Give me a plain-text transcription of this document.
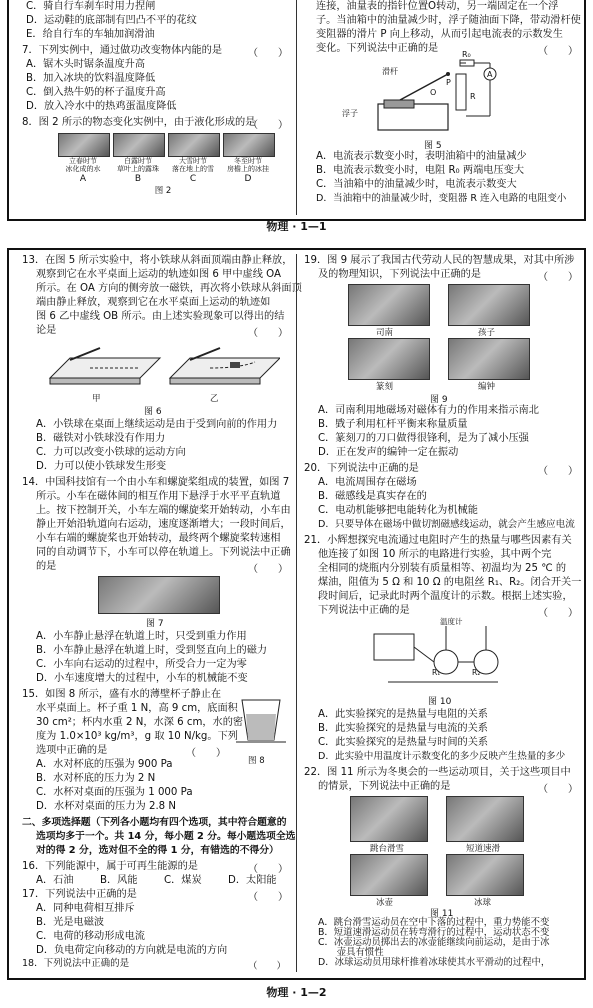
C．骑自行车刹车时用力捏闸
D．运动鞋的底部制有凹凸不平的花纹
E．给自行车的车轴加润滑油
7．下列实例中，通过做功改变物体内能的是	（　　）
A．锯木头时锯条温度升高
B．加入冰块的饮料温度降低
C．倒入热牛奶的杯子温度升高
D．放入冷水中的热鸡蛋温度降低
8．图 2 所示的物态变化实例中，由于液化形成的是
（　　）
立春时节
冰化成的水
白露时节
草叶上的露珠
大雪时节
落在地上的雪
冬至时节
房檐上的冰挂
A	B	C	D
图 2
连接，油量表的指针位置O转动，另一端固定在一个浮
子。当油箱中的油量减少时，浮子随油面下降，带动滑杆使
变阻器的滑片 P 向上移动，从而引起电流表的示数发生
变化。下列说法中正确的是	（　　）
滑杆
浮子
O
P
R
R₀
A
图 5
A．电流表示数变小时，表明油箱中的油量减少
B．电流表示数变小时，电阻 R₀ 两端电压变大
C．当油箱中的油量减少时，电流表示数变大
D．当油箱中的油量减少时，变阻器 R 连入电路的电阻变小
物理 · 1—1
13．在图 5 所示实验中，将小铁球从斜面顶端由静止释放，
观察到它在水平桌面上运动的轨迹如图 6 甲中虚线 OA
所示。在 OA 方向的侧旁放一磁铁，再次将小铁球从斜面顶
端由静止释放，观察到它在水平桌面上运动的轨迹如
图 6 乙中虚线 OB 所示。由上述实验现象可以得出的结
论是	（　　）
甲	乙
图 6
A．小铁球在桌面上继续运动是由于受到向前的作用力
B．磁铁对小铁球没有作用力
C．力可以改变小铁球的运动方向
D．力可以使小铁球发生形变
14．中国科技馆有一个由小车和螺旋桨组成的装置，如图 7
所示。小车在磁体间的相互作用下悬浮于水平平直轨道
上。按下控制开关，小车左端的螺旋桨开始转动，小车由
静止开始沿轨道向右运动，速度逐渐增大；一段时间后，
小车右端的螺旋桨也开始转动，最终两个螺旋桨转速相
同的自动调节下，小车可以停在轨道上。下列说法中正确
的是	（　　）
图 7
A．小车静止悬浮在轨道上时，只受到重力作用
B．小车静止悬浮在轨道上时，受到竖直向上的磁力
C．小车向右运动的过程中，所受合力一定为零
D．小车速度增大的过程中，小车的机械能不变
15．如图 8 所示，盛有水的薄壁杯子静止在
水平桌面上。杯子重 1 N，高 9 cm，底面积
30 cm²；杯内水重 2 N，水深 6 cm，水的密
度为 1.0×10³ kg/m³，g 取 10 N/kg。下列
选项中正确的是	（　　）
图 8
A．水对杯底的压强为 900 Pa
B．水对杯底的压力为 2 N
C．水杯对桌面的压强为 1 000 Pa
D．水杯对桌面的压力为 2.8 N
二、多项选择题（下列各小题均有四个选项，其中符合题意的
选项均多于一个。共 14 分，每小题 2 分。每小题选项全选
对的得 2 分，选对但不全的得 1 分，有错选的不得分）
16．下列能源中，属于可再生能源的是	（　　）
A．石油	B．风能	C．煤炭	D．太阳能
17．下列说法中正确的是	（　　）
A．同种电荷相互排斥
B．光是电磁波
C．电荷的移动形成电流
D．负电荷定向移动的方向就是电流的方向
18．下列说法中正确的是	（　　）
物理 · 1—2
19．图 9 展示了我国古代劳动人民的智慧成果，对其中所涉
及的物理知识，下列说法中正确的是	（　　）
司南	孩子
篆刻	编钟
图 9
A．司南利用地磁场对磁体有力的作用来指示南北
B．戥子利用杠杆平衡来称量质量
C．篆刻刀的刀口做得很锋利，是为了减小压强
D．正在发声的编钟一定在振动
20．下列说法中正确的是	（　　）
A．电流周围存在磁场
B．磁感线是真实存在的
C．电动机能够把电能转化为机械能
D．只要导体在磁场中做切割磁感线运动，就会产生感应电流
21．小辉想探究电流通过电阻时产生的热量与哪些因素有关
他连接了如图 10 所示的电路进行实验，其中两个完
全相同的烧瓶内分别装有质量相等、初温均为 25 ℃ 的
煤油，阻值为 5 Ω 和 10 Ω 的电阻丝 R₁、R₂。闭合开关一
段时间后，记录此时两个温度计的示数。根据上述实验，
下列说法中正确的是	（　　）
温度计
R₁	R₂
图 10
A．此实验探究的是热量与电阻的关系
B．此实验探究的是热量与电流的关系
C．此实验探究的是热量与时间的关系
D．此实验中用温度计示数变化的多少反映产生热量的多少
22．图 11 所示为冬奥会的一些运动项目，关于这些项目中
的情景，下列说法中正确的是	（　　）
跳台滑雪	短道速滑
冰壶	冰球
图 11
A．跳台滑雪运动员在空中下落的过程中，重力势能不变
B．短道速滑运动员在转弯滑行的过程中，运动状态不变
C．冰壶运动员掷出去的冰壶能继续向前运动，是由于冰
　　壶具有惯性
D．冰球运动员用球杆推着冰球使其水平滑动的过程中，
